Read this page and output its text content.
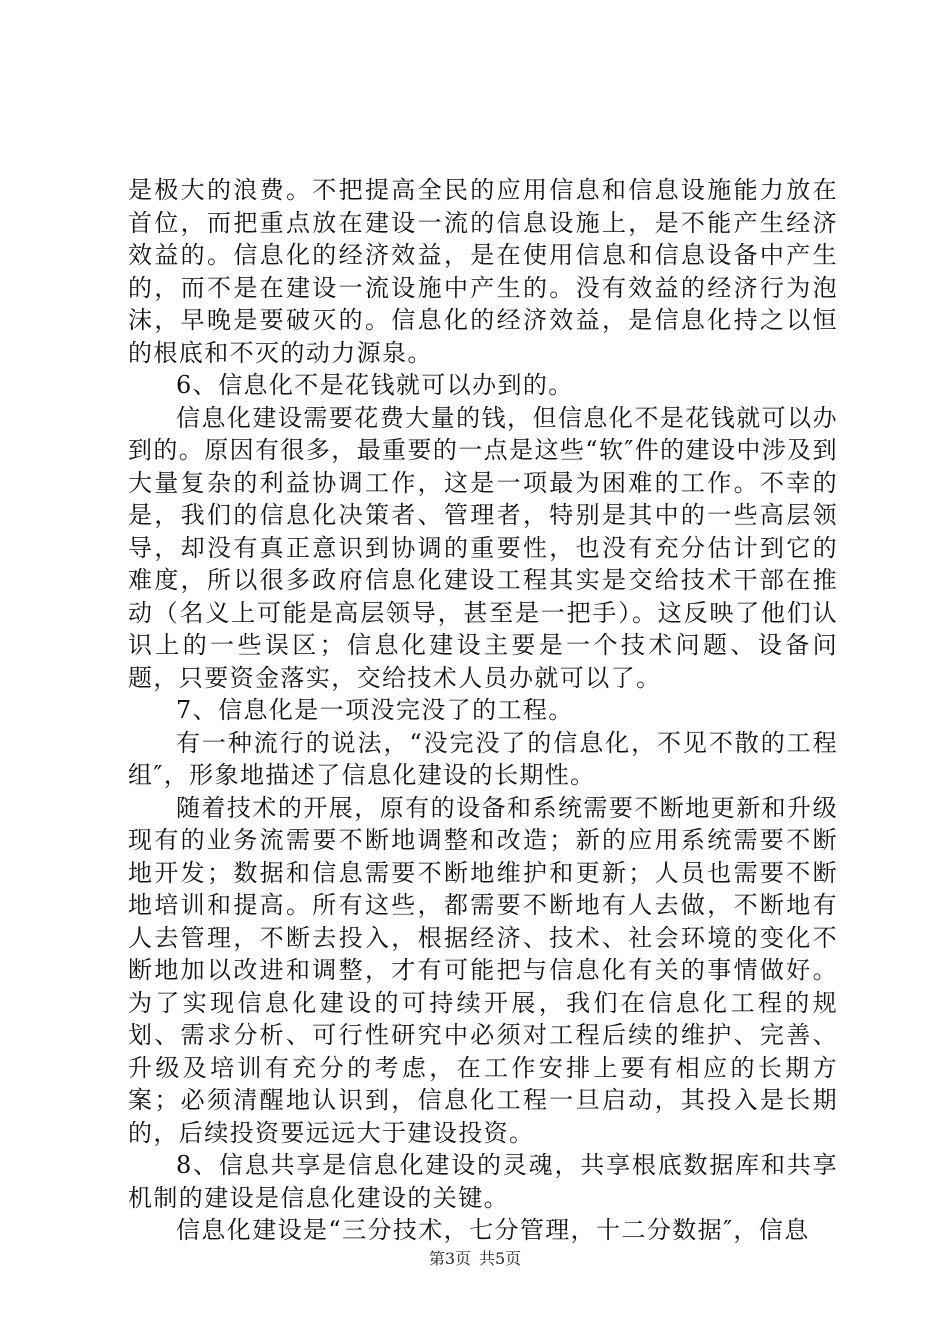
是极大的浪费。不把提高全民的应用信息和信息设施能力放在首位，而把重点放在建设一流的信息设施上，是不能产生经济效益的。信息化的经济效益，是在使用信息和信息设备中产生的，而不是在建设一流设施中产生的。没有效益的经济行为泡沫，早晚是要破灭的。信息化的经济效益，是信息化持之以恒的根底和不灭的动力源泉。

6、信息化不是花钱就可以办到的。

信息化建设需要花费大量的钱，但信息化不是花钱就可以办到的。原因有很多，最重要的一点是这些“软″件的建设中涉及到大量复杂的利益协调工作，这是一项最为困难的工作。不幸的是，我们的信息化决策者、管理者，特别是其中的一些高层领导，却没有真正意识到协调的重要性，也没有充分估计到它的难度，所以很多政府信息化建设工程其实是交给技术干部在推动（名义上可能是高层领导，甚至是一把手）。这反映了他们认识上的一些误区；信息化建设主要是一个技术问题、设备问题，只要资金落实，交给技术人员办就可以了。

7、信息化是一项没完没了的工程。

有一种流行的说法，“没完没了的信息化，不见不散的工程组″，形象地描述了信息化建设的长期性。

随着技术的开展，原有的设备和系统需要不断地更新和升级现有的业务流需要不断地调整和改造；新的应用系统需要不断地开发；数据和信息需要不断地维护和更新；人员也需要不断地培训和提高。所有这些，都需要不断地有人去做，不断地有人去管理，不断去投入，根据经济、技术、社会环境的变化不断地加以改进和调整，才有可能把与信息化有关的事情做好。为了实现信息化建设的可持续开展，我们在信息化工程的规划、需求分析、可行性研究中必须对工程后续的维护、完善、升级及培训有充分的考虑，在工作安排上要有相应的长期方案；必须清醒地认识到，信息化工程一旦启动，其投入是长期的，后续投资要远远大于建设投资。

8、信息共享是信息化建设的灵魂，共享根底数据库和共享机制的建设是信息化建设的关键。

信息化建设是“三分技术，七分管理，十二分数据″，信息

第3页 共5页
